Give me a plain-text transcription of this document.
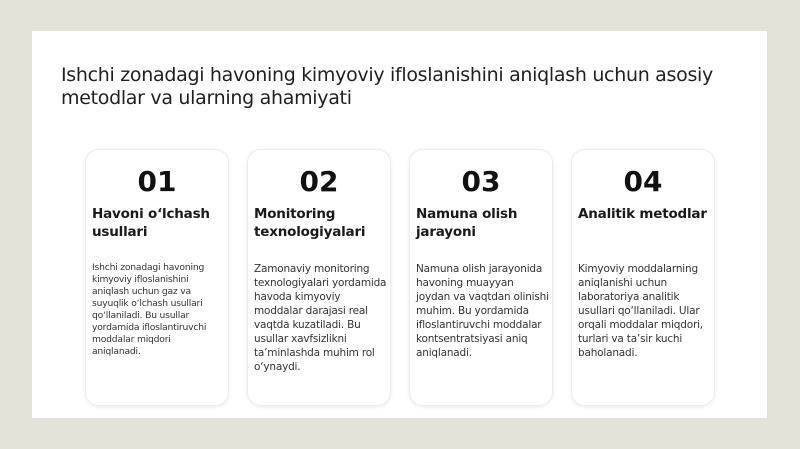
Ishchi zonadagi havoning kimyoviy ifloslanishini aniqlash uchun asosiy metodlar va ularning ahamiyati
01
Havoni o‘lchash usullari
Ishchi zonadagi havoning kimyoviy ifloslanishini aniqlash uchun gaz va suyuqlik o‘lchash usullari qo‘llaniladi. Bu usullar yordamida ifloslantiruvchi moddalar miqdori aniqlanadi.
02
Monitoring texnologiyalari
Zamonaviy monitoring texnologiyalari yordamida havoda kimyoviy moddalar darajasi real vaqtda kuzatiladi. Bu usullar xavfsizlikni ta’minlashda muhim rol o‘ynaydi.
03
Namuna olish jarayoni
Namuna olish jarayonida havoning muayyan joydan va vaqtdan olinishi muhim. Bu yordamida ifloslantiruvchi moddalar kontsentratsiyasi aniq aniqlanadi.
04
Analitik metodlar
Kimyoviy moddalarning aniqlanishi uchun laboratoriya analitik usullari qo‘llaniladi. Ular orqali moddalar miqdori, turlari va ta’sir kuchi baholanadi.
